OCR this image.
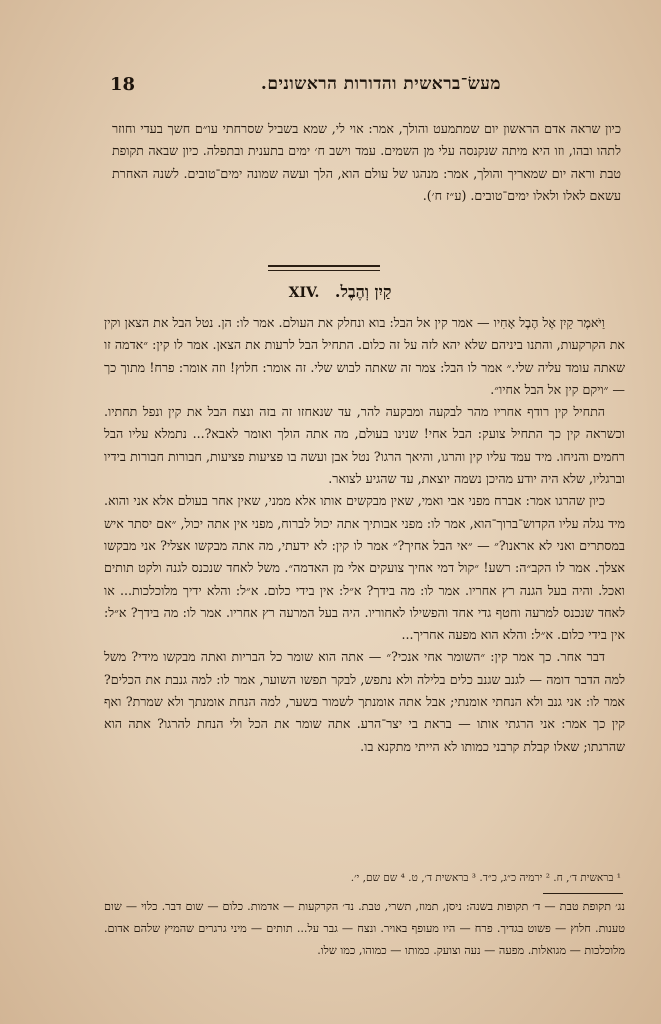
מעשׂ־בראשית והדורות הראשונים.
18
כיון שראה אדם הראשון יום שמתמעט והולך, אמר: אוי לי, שמא בשביל שסרחתי עו״ם חשך בעדי וחוזר לתהו ובהו, וזו היא מיתה שנקנסה עלי מן השמים. עמד וישב ח׳ ימים בתענית ובתפלה. כיון שבאה תקופת טבת וראה יום שמאריך והולך, אמר: מנהגו של עולם הוא, הלך ועשה שמונה ימים־טובים. לשנה האחרת עשאם לאלו ולאלו ימים־טובים. (ע״ז ח׳).
XIV. קַיִן וְהֶבֶל.

וַיֹּאמֶר קַיִן אֶל הֶבֶל אָחִיו — אמר קין אל הבל: בוא ונחלק את העולם. אמר לו: הן. נטל הבל את הצאן וקין את הקרקעות, והתנו ביניהם שלא יהא לזה על זה כלום. התחיל הבל לרעות את הצאן. אמר לו קין: ״אדמה זו שאתה עומד עליה שלי.״ אמר לו הבל: צמר זה שאתה לבוש שלי. זה אומר: חלוץ! וזה אומר: פרח! מתוך כך — ״ויקם קין אל הבל אחיו״.

התחיל קין רודף אחריו מהר לבקעה ומבקעה להר, עד שנאחזו זה בזה ונצח הבל את קין ונפל תחתיו. וכשראה קין כך התחיל צועק: הבל אחי! שנינו בעולם, מה אתה הולך ואומר לאבא?... נתמלא עליו הבל רחמים והניחו. מיד עמד עליו קין והרגו, והיאך הרגו? נטל אבן ועשה בו פציעות פציעות, חבורות חבורות בידיו וברגליו, שלא היה יודע מהיכן נשמה יוצאת, עד שהגיע לצואר.

כיון שהרגו אמר: אברח מפני אבי ואמי, שאין מבקשים אותו אלא ממני, שאין אחר בעולם אלא אני והוא. מיד נגלה עליו הקדוש־ברוך־הוא, אמר לו: מפני אבותיך אתה יכול לברוח, מפני אין אתה יכול, ״אם יסתר איש במסתרים ואני לא אראנו?״ — ״אי הבל אחיך?״ אמר לו קין: לא ידעתי, מה אתה מבקשו אצלי? אני מבקשו אצלך. אמר לו הקב״ה: רשע! ״קול דמי אחיך צועקים אלי מן האדמה״. משל לאחד שנכנס לגנה ולקט תותים ואכל. והיה בעל הגנה רץ אחריו. אמר לו: מה בידך? א״ל: אין בידי כלום. א״ל: והלא ידיך מלוכלכות... או לאחד שנכנס למרעה וחטף גדי אחד והפשילו לאחוריו. היה בעל המרעה רץ אחריו. אמר לו: מה בידך? א״ל: אין בידי כלום. א״ל: והלא הוא מפעה אחריך...

דבר אחר. כך אמר קין: ״השומר אחי אנכי?״ — אתה הוא שומר כל הבריות ואתה מבקשו מידי? משל למה הדבר דומה — לגנב שגנב כלים בלילה ולא נתפש, לבקר תפשו השוער, אמר לו: למה גנבת את הכלים? אמר לו: אני גנב ולא הנחתי אומנתי; אבל אתה אומנתך לשמור בשער, למה הנחת אומנתך ולא שמרת? ואף קין כך אמר: אני הרגתי אותו — בראת בי יצר־הרע. אתה שומר את הכל ולי הנחת להרגו? אתה הוא שהרגתו; שאלו קבלת קרבני כמותו לא הייתי מתקנא בו.

¹ בראשית ד׳, ח. ² ירמיה כ״ג, כ״ד. ³ בראשית ד׳, ט. ⁴ שם שם, י׳.
נג׳ תקופת טבת — ד׳ תקופות בשנה: ניסן, תמוז, תשרי, טבת. נד׳ הקרקעות — אדמות. כלום — שום דבר. כלוי — שום טענות. חלוץ — פשוט בגדיך. פרח — היו מעופף באויר. ונצח — גבר על... תותים — מיני גרגרים שהמיץ שלהם אדום. מלוכלכות — מגואלות. מפעה — נעה וצועק. כמותו — כמוהו, כמו שלו.
